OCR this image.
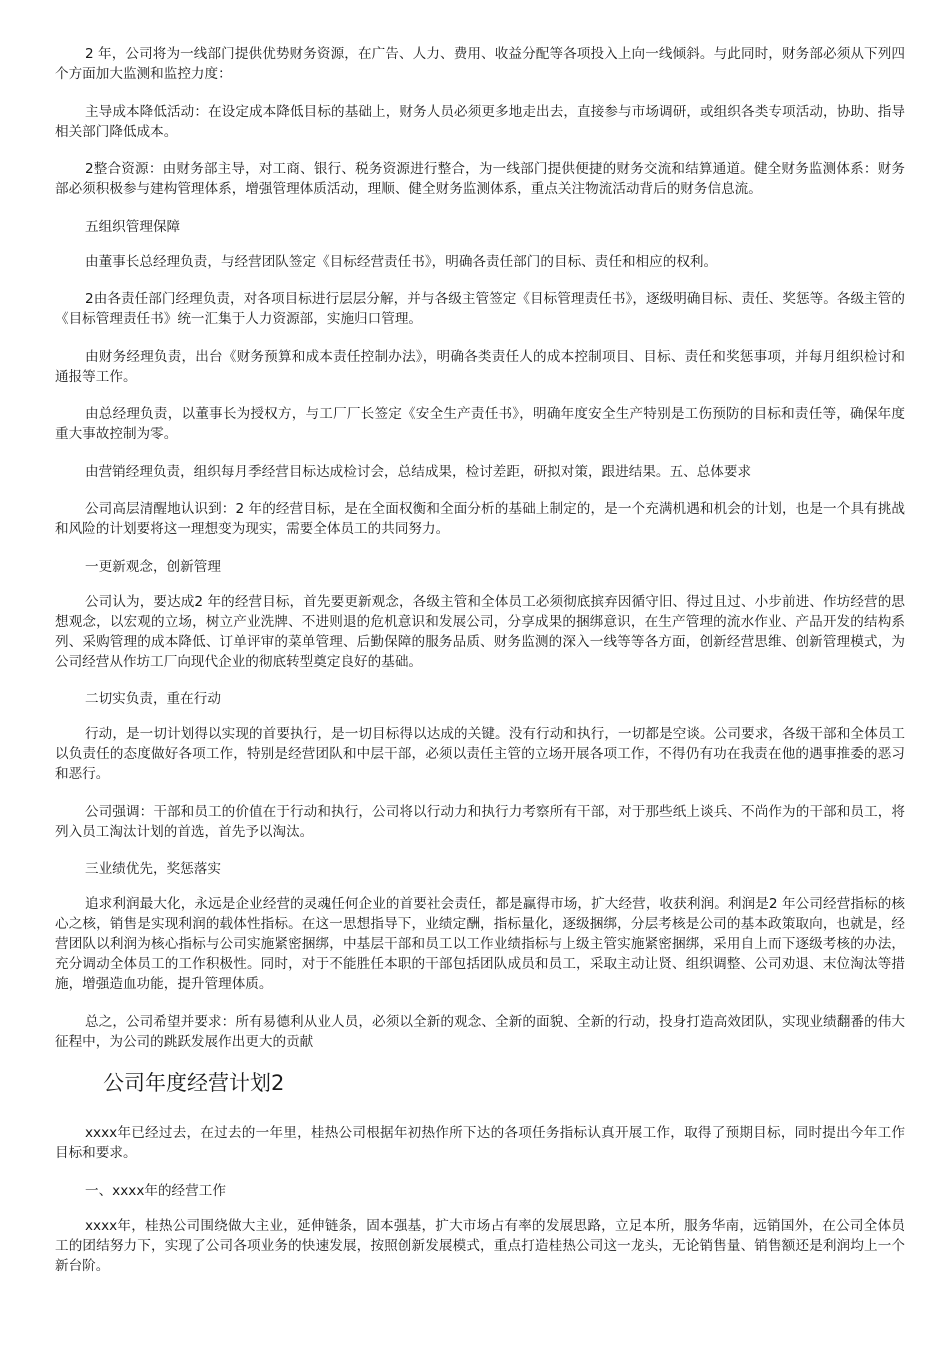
2 年，公司将为一线部门提供优势财务资源，在广告、人力、费用、收益分配等各项投入上向一线倾斜。与此同时，财务部必须从下列四个方面加大监测和监控力度：

主导成本降低活动：在设定成本降低目标的基础上，财务人员必须更多地走出去，直接参与市场调研，或组织各类专项活动，协助、指导相关部门降低成本。

2整合资源：由财务部主导，对工商、银行、税务资源进行整合，为一线部门提供便捷的财务交流和结算通道。健全财务监测体系：财务部必须积极参与建构管理体系，增强管理体质活动，理顺、健全财务监测体系，重点关注物流活动背后的财务信息流。

五组织管理保障

由董事长总经理负责，与经营团队签定《目标经营责任书》，明确各责任部门的目标、责任和相应的权利。

2由各责任部门经理负责，对各项目标进行层层分解，并与各级主管签定《目标管理责任书》，逐级明确目标、责任、奖惩等。各级主管的《目标管理责任书》统一汇集于人力资源部，实施归口管理。

由财务经理负责，出台《财务预算和成本责任控制办法》，明确各类责任人的成本控制项目、目标、责任和奖惩事项，并每月组织检讨和通报等工作。

由总经理负责，以董事长为授权方，与工厂厂长签定《安全生产责任书》，明确年度安全生产特别是工伤预防的目标和责任等，确保年度重大事故控制为零。

由营销经理负责，组织每月季经营目标达成检讨会，总结成果，检讨差距，研拟对策，跟进结果。五、总体要求

公司高层清醒地认识到：2 年的经营目标，是在全面权衡和全面分析的基础上制定的，是一个充满机遇和机会的计划，也是一个具有挑战和风险的计划要将这一理想变为现实，需要全体员工的共同努力。

一更新观念，创新管理

公司认为，要达成2 年的经营目标，首先要更新观念，各级主管和全体员工必须彻底摈弃因循守旧、得过且过、小步前进、作坊经营的思想观念，以宏观的立场，树立产业洗牌、不进则退的危机意识和发展公司，分享成果的捆绑意识，在生产管理的流水作业、产品开发的结构系列、采购管理的成本降低、订单评审的菜单管理、后勤保障的服务品质、财务监测的深入一线等等各方面，创新经营思维、创新管理模式，为公司经营从作坊工厂向现代企业的彻底转型奠定良好的基础。

二切实负责，重在行动

行动，是一切计划得以实现的首要执行，是一切目标得以达成的关键。没有行动和执行，一切都是空谈。公司要求，各级干部和全体员工以负责任的态度做好各项工作，特别是经营团队和中层干部，必须以责任主管的立场开展各项工作，不得仍有功在我责在他的遇事推委的恶习和恶行。

公司强调：干部和员工的价值在于行动和执行，公司将以行动力和执行力考察所有干部，对于那些纸上谈兵、不尚作为的干部和员工，将列入员工淘汰计划的首选，首先予以淘汰。

三业绩优先，奖惩落实

追求利润最大化，永远是企业经营的灵魂任何企业的首要社会责任，都是赢得市场，扩大经营，收获利润。利润是2 年公司经营指标的核心之核，销售是实现利润的载体性指标。在这一思想指导下，业绩定酬，指标量化，逐级捆绑，分层考核是公司的基本政策取向，也就是，经营团队以利润为核心指标与公司实施紧密捆绑，中基层干部和员工以工作业绩指标与上级主管实施紧密捆绑，采用自上而下逐级考核的办法，充分调动全体员工的工作积极性。同时，对于不能胜任本职的干部包括团队成员和员工，采取主动让贤、组织调整、公司劝退、末位淘汰等措施，增强造血功能，提升管理体质。

总之，公司希望并要求：所有易德利从业人员，必须以全新的观念、全新的面貌、全新的行动，投身打造高效团队，实现业绩翻番的伟大征程中，为公司的跳跃发展作出更大的贡献

公司年度经营计划2

xxxx年已经过去，在过去的一年里，桂热公司根据年初热作所下达的各项任务指标认真开展工作，取得了预期目标，同时提出今年工作目标和要求。

一、xxxx年的经营工作

xxxx年，桂热公司围绕做大主业，延伸链条，固本强基，扩大市场占有率的发展思路，立足本所，服务华南，远销国外，在公司全体员工的团结努力下，实现了公司各项业务的快速发展，按照创新发展模式，重点打造桂热公司这一龙头，无论销售量、销售额还是利润均上一个新台阶。
